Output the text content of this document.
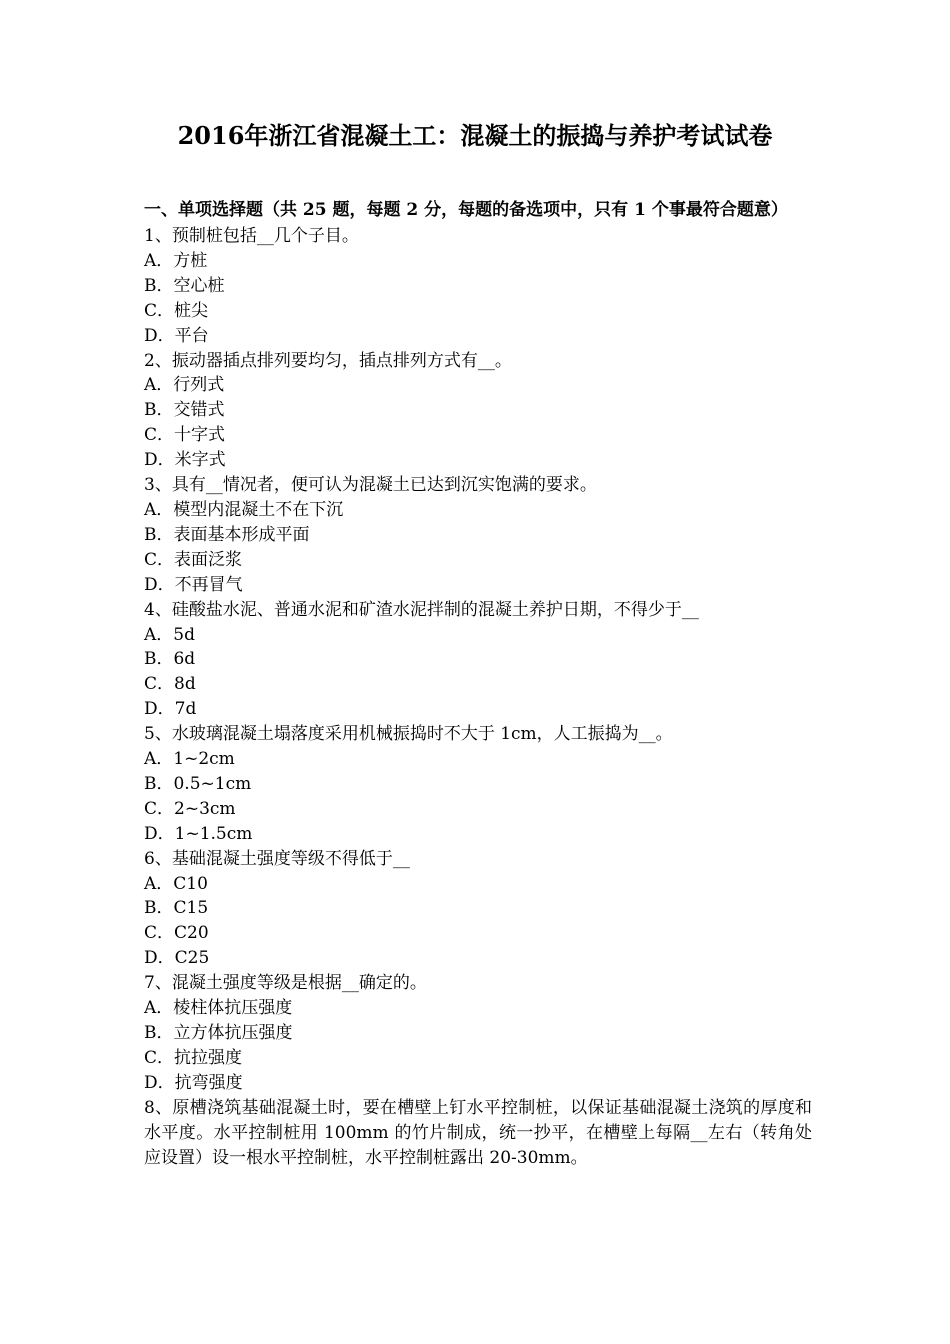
2016年浙江省混凝土工：混凝土的振捣与养护考试试卷
一、单项选择题（共 25 题，每题 2 分，每题的备选项中，只有 1 个事最符合题意）
1、预制桩包括__几个子目。
A．方桩
B．空心桩
C．桩尖
D．平台
2、振动器插点排列要均匀，插点排列方式有__。
A．行列式
B．交错式
C．十字式
D．米字式
3、具有__情况者，便可认为混凝土已达到沉实饱满的要求。
A．模型内混凝土不在下沉
B．表面基本形成平面
C．表面泛浆
D．不再冒气
4、硅酸盐水泥、普通水泥和矿渣水泥拌制的混凝土养护日期，不得少于__
A．5d
B．6d
C．8d
D．7d
5、水玻璃混凝土塌落度采用机械振捣时不大于 1cm，人工振捣为__。
A．1~2cm
B．0.5~1cm
C．2~3cm
D．1~1.5cm
6、基础混凝土强度等级不得低于__
A．C10
B．C15
C．C20
D．C25
7、混凝土强度等级是根据__确定的。
A．棱柱体抗压强度
B．立方体抗压强度
C．抗拉强度
D．抗弯强度
8、原槽浇筑基础混凝土时，要在槽壁上钉水平控制桩，以保证基础混凝土浇筑的厚度和水平度。水平控制桩用 100mm 的竹片制成，统一抄平，在槽壁上每隔__左右（转角处应设置）设一根水平控制桩，水平控制桩露出 20-30mm。
